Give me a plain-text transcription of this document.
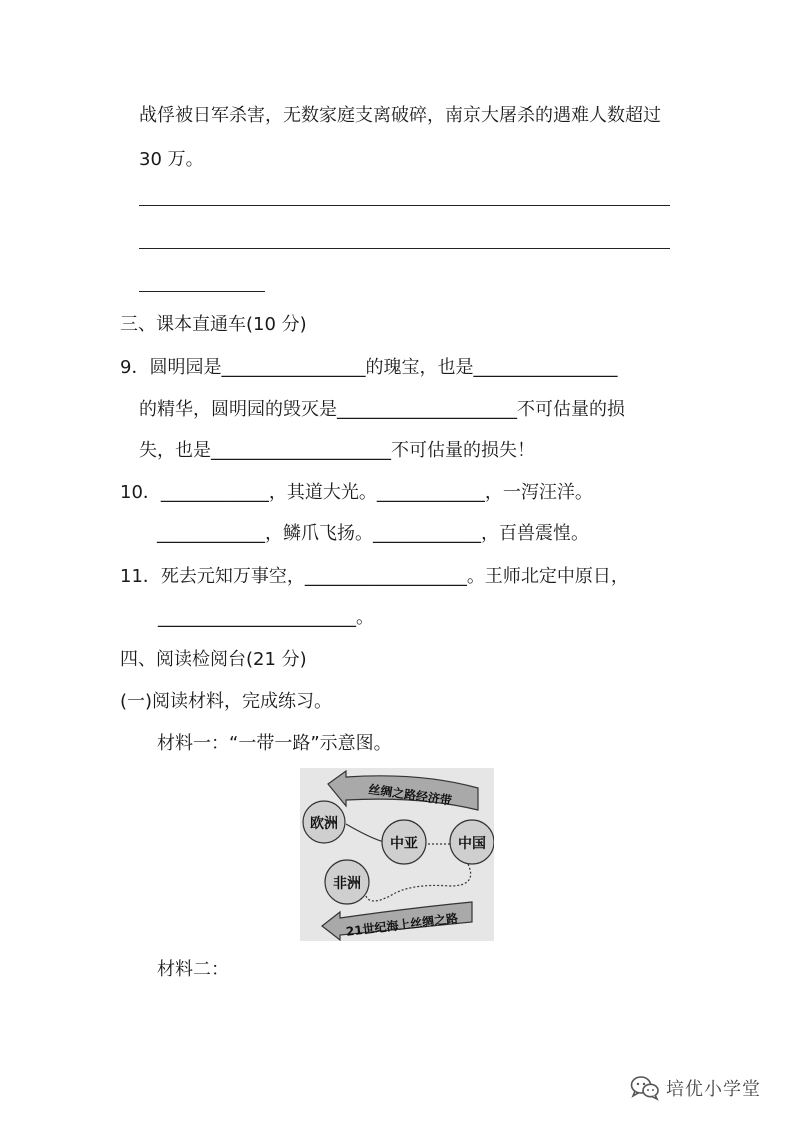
战俘被日军杀害，无数家庭支离破碎，南京大屠杀的遇难人数超过
30 万。
三、课本直通车(10 分)
9．圆明园是________________的瑰宝，也是________________
的精华，圆明园的毁灭是____________________不可估量的损
失，也是____________________不可估量的损失！
10．____________，其道大光。____________，一泻汪洋。
____________，鳞爪飞扬。____________，百兽震惶。
11．死去元知万事空，__________________。王师北定中原日，
______________________。
四、阅读检阅台(21 分)
(一)阅读材料，完成练习。
材料一：“一带一路”示意图。
丝绸之路经济带
欧洲
中亚	中国
非洲
21世纪海上丝绸之路
材料二：
培优小学堂
